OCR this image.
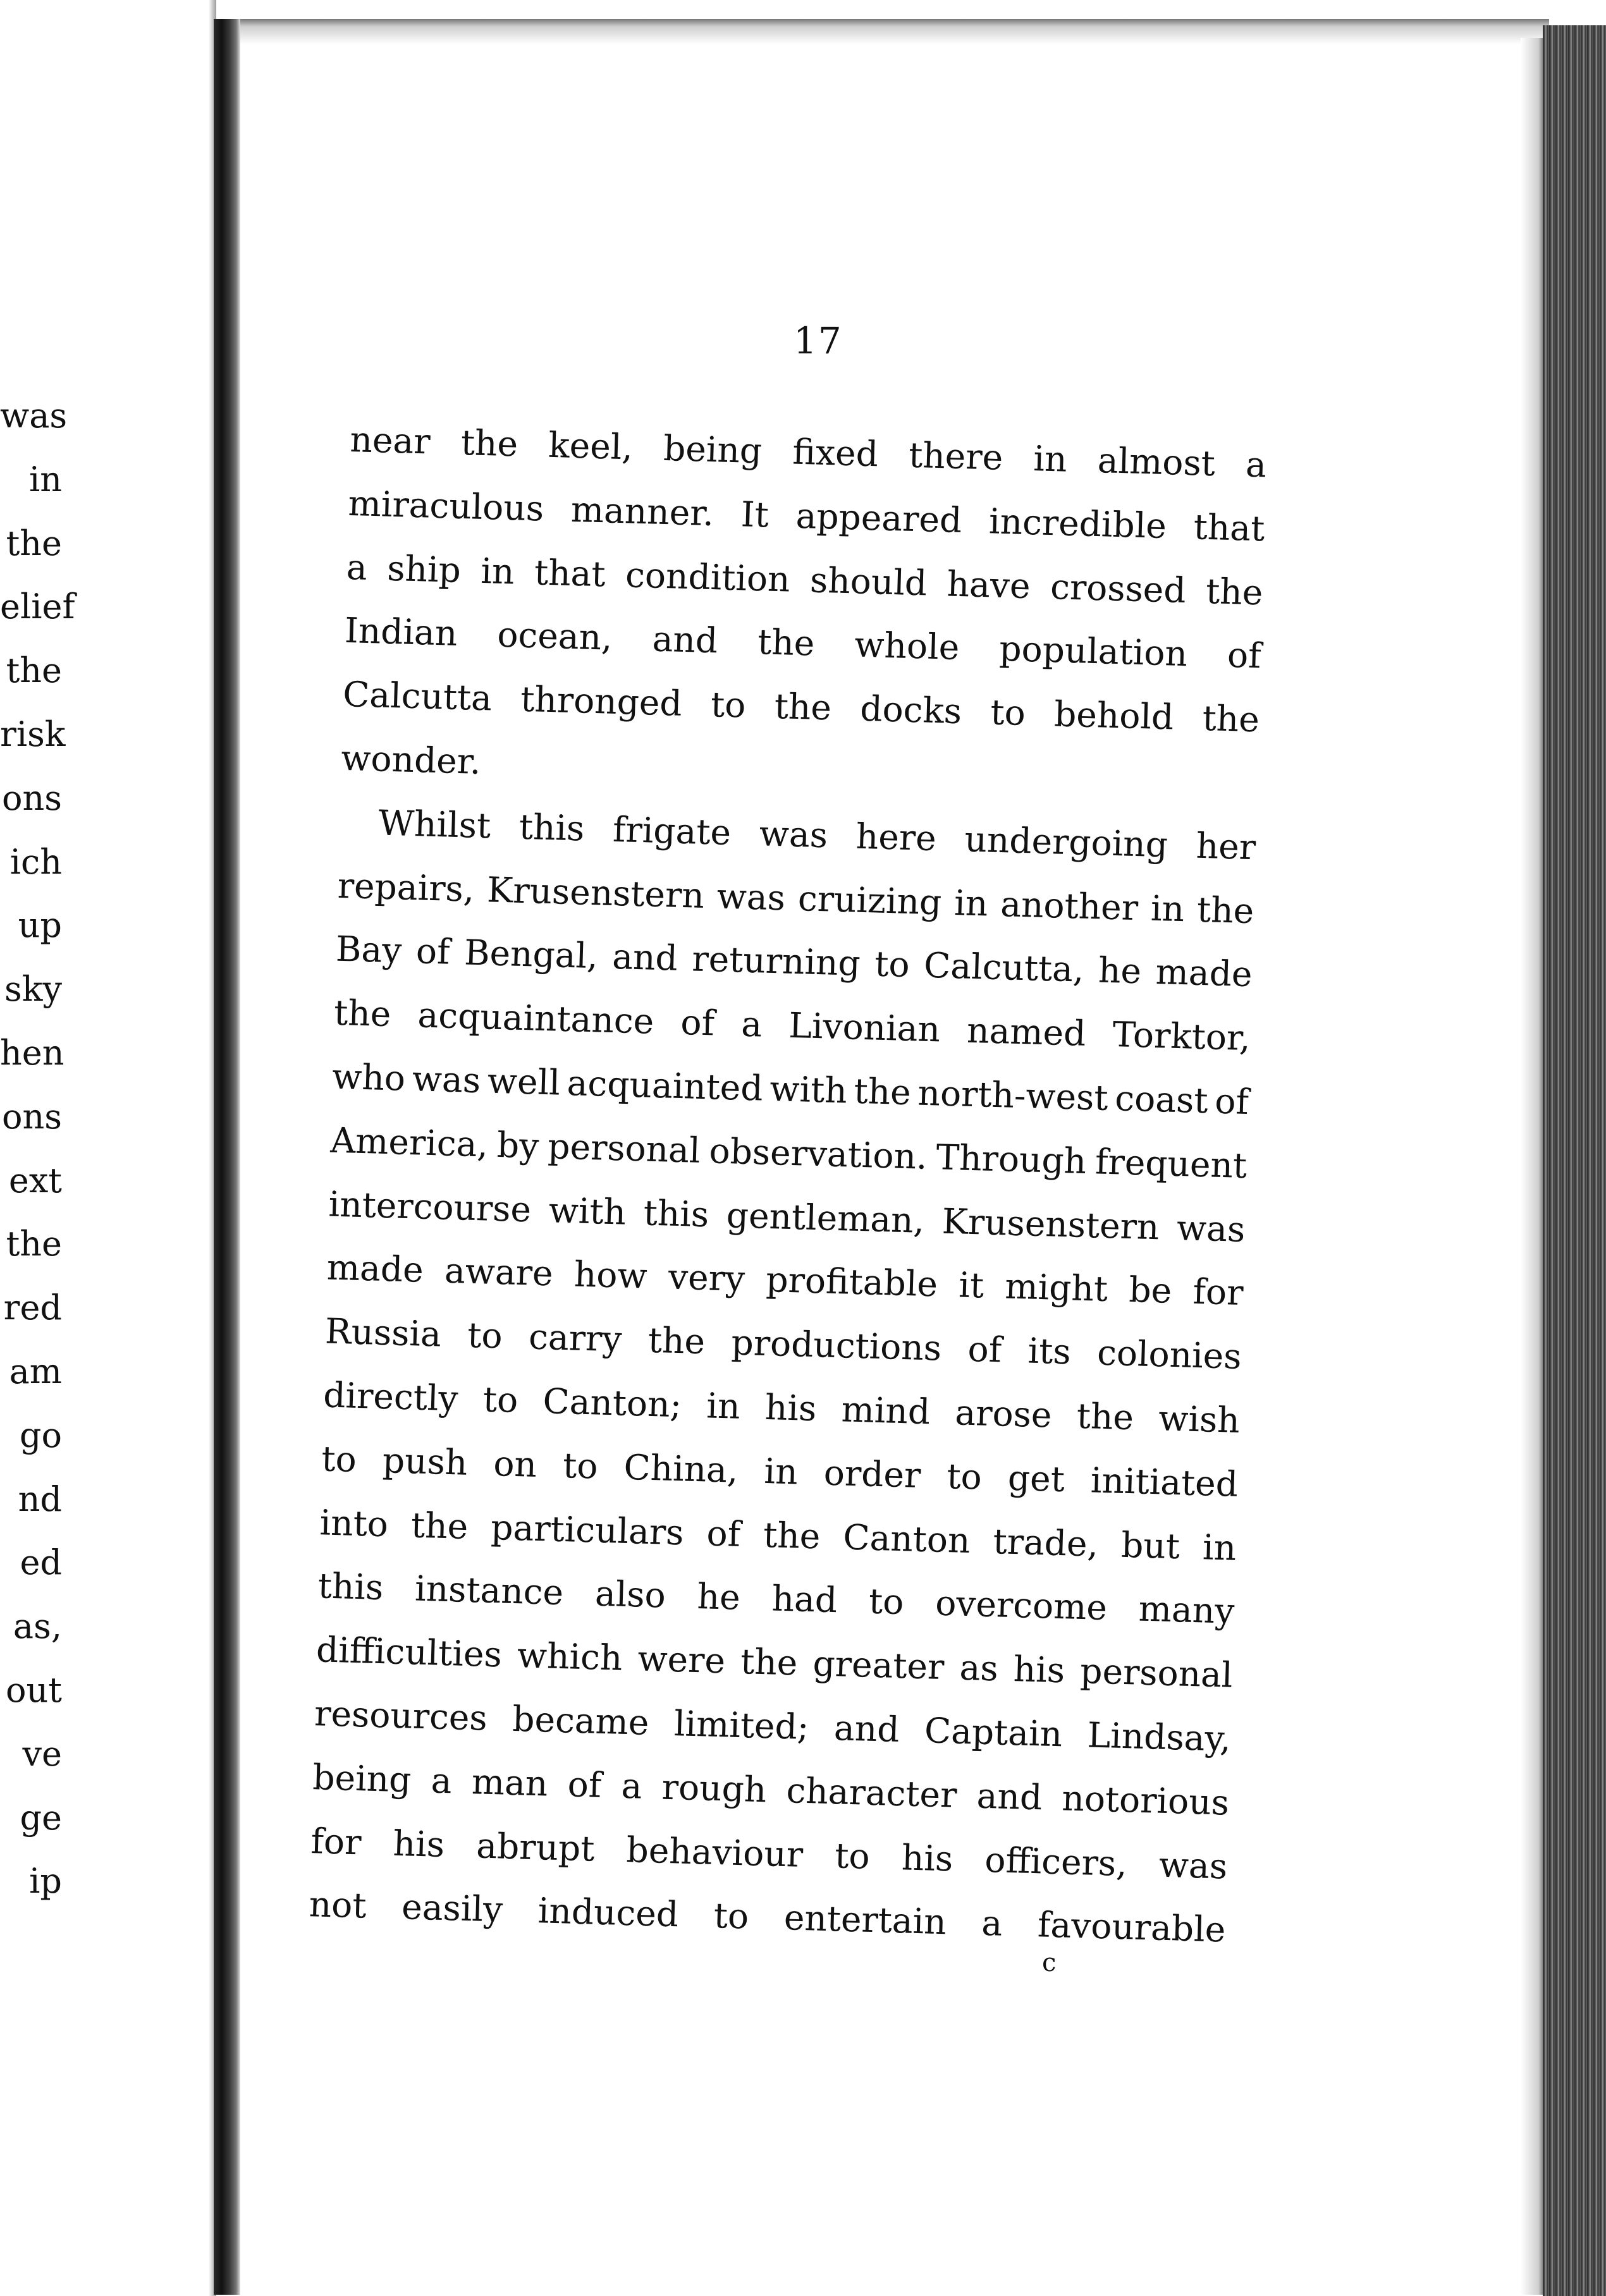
was
in
the
elief
the
risk
ons
ich
up
sky
hen
ons
ext
the
red
am
go
nd
ed
as,
out
ve
ge
ip
17
near the keel, being fixed there in almost a
miraculous manner. It appeared incredible that
a ship in that condition should have crossed the
Indian ocean, and the whole population of
Calcutta thronged to the docks to behold the
wonder.
Whilst this frigate was here undergoing her
repairs, Krusenstern was cruizing in another in the
Bay of Bengal, and returning to Calcutta, he made
the acquaintance of a Livonian named Torktor,
who was well acquainted with the north-west coast of
America, by personal observation. Through frequent
intercourse with this gentleman, Krusenstern was
made aware how very profitable it might be for
Russia to carry the productions of its colonies
directly to Canton; in his mind arose the wish
to push on to China, in order to get initiated
into the particulars of the Canton trade, but in
this instance also he had to overcome many
difficulties which were the greater as his personal
resources became limited; and Captain Lindsay,
being a man of a rough character and notorious
for his abrupt behaviour to his officers, was
not easily induced to entertain a favourable
c
